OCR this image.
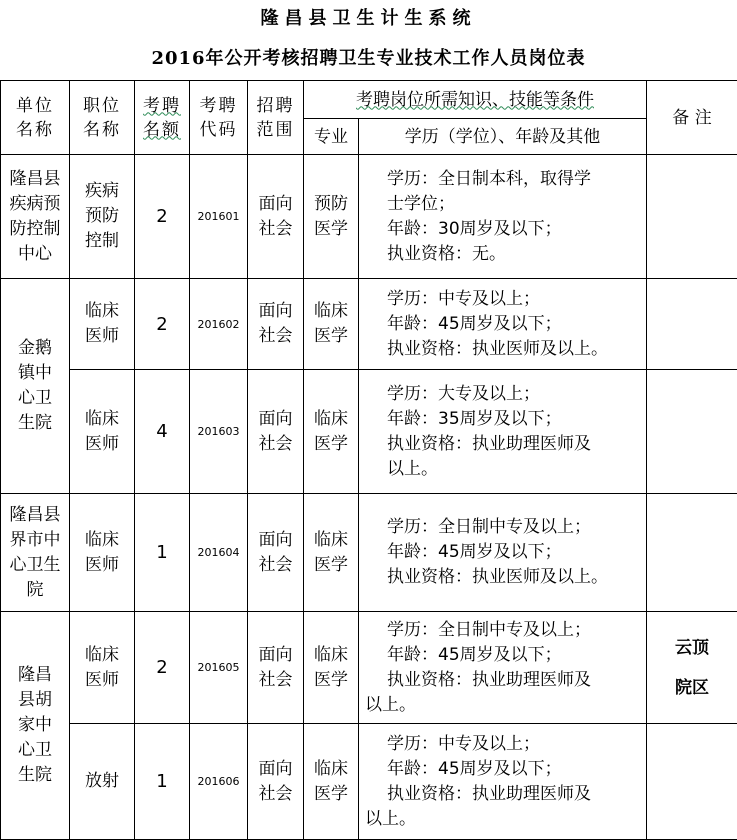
隆昌县卫生计生系统
2016年公开考核招聘卫生专业技术工作人员岗位表
单位名称	职位名称	考聘名额	考聘代码	招聘范围	考聘岗位所需知识、技能等条件		备 注
					专业	学历（学位）、年龄及其他	
隆昌县疾病预防控制中心	疾病预防控制	2	201601	面向社会	预防医学	学历：全日制本科，取得学
士学位；
年龄：30周岁及以下；
执业资格：无。	

金鹅镇中心卫生院	临床医师	2	201602	面向社会	临床医学	学历：中专及以上；
年龄：45周岁及以下；
执业资格：执业医师及以上。	

	临床医师	4	201603	面向社会	临床医学	学历：大专及以上；
年龄：35周岁及以下；
执业资格：执业助理医师及
以上。	

隆昌县界市中心卫生院	临床医师	1	201604	面向社会	临床医学	学历：全日制中专及以上；
年龄：45周岁及以下；
执业资格：执业医师及以上。	

隆昌县胡家中心卫生院	临床医师	2	201605	面向社会	临床医学	学历：全日制中专及以上；
年龄：45周岁及以下；
执业资格：执业助理医师及
以上。	云顶院区
	放射	1	201606	面向社会	临床医学	学历：中专及以上；
年龄：45周岁及以下；
执业资格：执业助理医师及
以上。	
